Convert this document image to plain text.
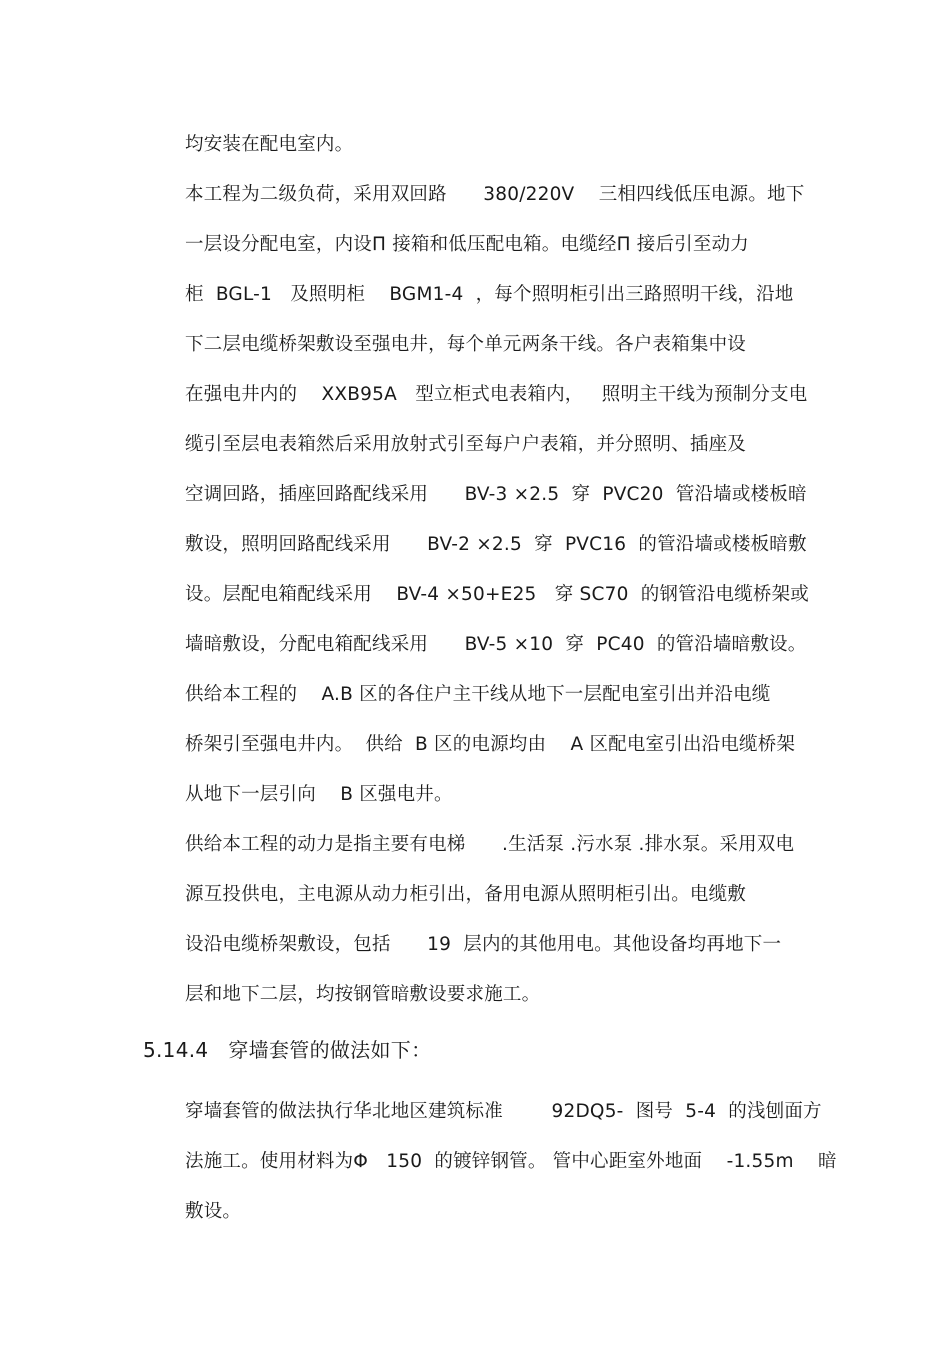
均安装在配电室内。
本工程为二级负荷，采用双回路      380/220V    三相四线低压电源。地下
一层设分配电室，内设Π 接箱和低压配电箱。电缆经Π 接后引至动力
柜  BGL-1   及照明柜    BGM1-4  ，每个照明柜引出三路照明干线，沿地
下二层电缆桥架敷设至强电井，每个单元两条干线。各户表箱集中设
在强电井内的    XXB95A   型立柜式电表箱内，   照明主干线为预制分支电
缆引至层电表箱然后采用放射式引至每户户表箱，并分照明、插座及
空调回路，插座回路配线采用      BV-3 ×2.5  穿  PVC20  管沿墙或楼板暗
敷设，照明回路配线采用      BV-2 ×2.5  穿  PVC16  的管沿墙或楼板暗敷
设。层配电箱配线采用    BV-4 ×50+E25   穿 SC70  的钢管沿电缆桥架或
墙暗敷设，分配电箱配线采用      BV-5 ×10  穿  PC40  的管沿墙暗敷设。
供给本工程的    A.B 区的各住户主干线从地下一层配电室引出并沿电缆
桥架引至强电井内。  供给  B 区的电源均由    A 区配电室引出沿电缆桥架
从地下一层引向    B 区强电井。
供给本工程的动力是指主要有电梯      .生活泵 .污水泵 .排水泵。采用双电
源互投供电，主电源从动力柜引出，备用电源从照明柜引出。电缆敷
设沿电缆桥架敷设，包括      19  层内的其他用电。其他设备均再地下一
层和地下二层，均按钢管暗敷设要求施工。
5.14.4   穿墙套管的做法如下：
穿墙套管的做法执行华北地区建筑标准        92DQ5-  图号  5-4  的浅刨面方
法施工。使用材料为Φ   150  的镀锌钢管。 管中心距室外地面    -1.55m    暗
敷设。
